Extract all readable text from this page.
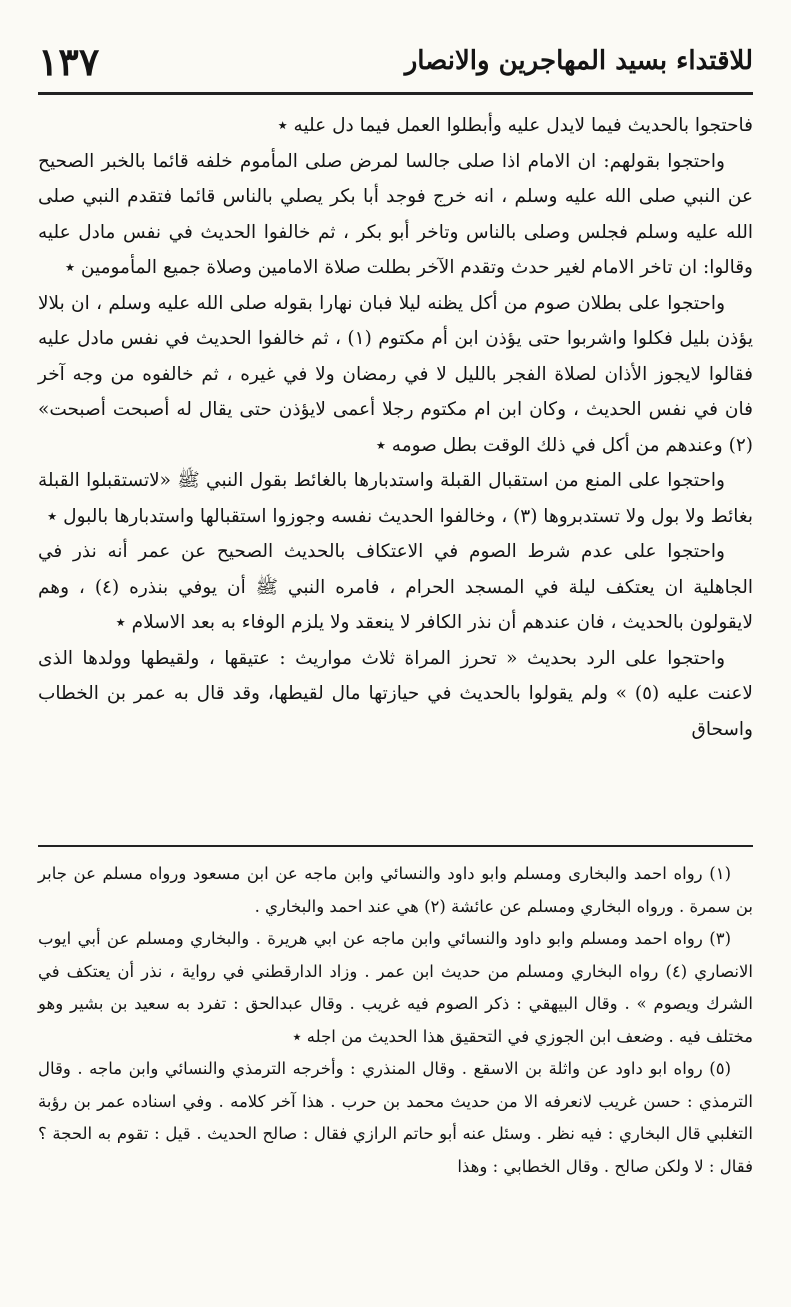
١٣٧	للاقتداء بسيد المهاجرين والانصار

فاحتجوا بالحديث فيما لايدل عليه وأبطلوا العمل فيما دل عليه ٭

واحتجوا بقولهم: ان الامام اذا صلى جالسا لمرض صلى المأموم خلفه قائما بالخبر الصحيح عن النبي صلى الله عليه وسلم ، انه خرج فوجد أبا بكر يصلي بالناس قائما فتقدم النبي صلى الله عليه وسلم فجلس وصلى بالناس وتاخر أبو بكر ، ثم خالفوا الحديث في نفس مادل عليه وقالوا: ان تاخر الامام لغير حدث وتقدم الآخر بطلت صلاة الامامين وصلاة جميع المأمومين ٭

واحتجوا على بطلان صوم من أكل يظنه ليلا فبان نهارا بقوله صلى الله عليه وسلم ، ان بلالا يؤذن بليل فكلوا واشربوا حتى يؤذن ابن أم مكتوم (١) ، ثم خالفوا الحديث في نفس مادل عليه فقالوا لايجوز الأذان لصلاة الفجر بالليل لا في رمضان ولا في غيره ، ثم خالفوه من وجه آخر فان في نفس الحديث ، وكان ابن ام مكتوم رجلا أعمى لايؤذن حتى يقال له أصبحت أصبحت» (٢) وعندهم من أكل في ذلك الوقت بطل صومه ٭

واحتجوا على المنع من استقبال القبلة واستدبارها بالغائط بقول النبي ﷺ «لاتستقبلوا القبلة بغائط ولا بول ولا تستدبروها (٣) ، وخالفوا الحديث نفسه وجوزوا استقبالها واستدبارها بالبول ٭

واحتجوا على عدم شرط الصوم في الاعتكاف بالحديث الصحيح عن عمر أنه نذر في الجاهلية ان يعتكف ليلة في المسجد الحرام ، فامره النبي ﷺ أن يوفي بنذره (٤) ، وهم لايقولون بالحديث ، فان عندهم أن نذر الكافر لا ينعقد ولا يلزم الوفاء به بعد الاسلام ٭

واحتجوا على الرد بحديث « تحرز المراة ثلاث مواريث : عتيقها ، ولقيطها وولدها الذى لاعنت عليه (٥) » ولم يقولوا بالحديث في حيازتها مال لقيطها، وقد قال به عمر بن الخطاب واسحاق

(١) رواه احمد والبخارى ومسلم وابو داود والنسائي وابن ماجه عن ابن مسعود ورواه مسلم عن جابر بن سمرة . ورواه البخاري ومسلم عن عائشة (٢) هي عند احمد والبخاري .

(٣) رواه احمد ومسلم وابو داود والنسائي وابن ماجه عن ابي هريرة . والبخاري ومسلم عن أبي ايوب الانصاري (٤) رواه البخاري ومسلم من حديث ابن عمر . وزاد الدارقطني في رواية ، نذر أن يعتكف في الشرك ويصوم » . وقال البيهقي : ذكر الصوم فيه غريب . وقال عبدالحق : تفرد به سعيد بن بشير وهو مختلف فيه . وضعف ابن الجوزي في التحقيق هذا الحديث من اجله ٭

(٥) رواه ابو داود عن واثلة بن الاسقع . وقال المنذري : وأخرجه الترمذي والنسائي وابن ماجه . وقال الترمذي : حسن غريب لانعرفه الا من حديث محمد بن حرب . هذا آخر كلامه . وفي اسناده عمر بن رؤبة التغلبي قال البخاري : فيه نظر . وسئل عنه أبو حاتم الرازي فقال : صالح الحديث . قيل : تقوم به الحجة ؟ فقال : لا ولكن صالح . وقال الخطابي : وهذا
